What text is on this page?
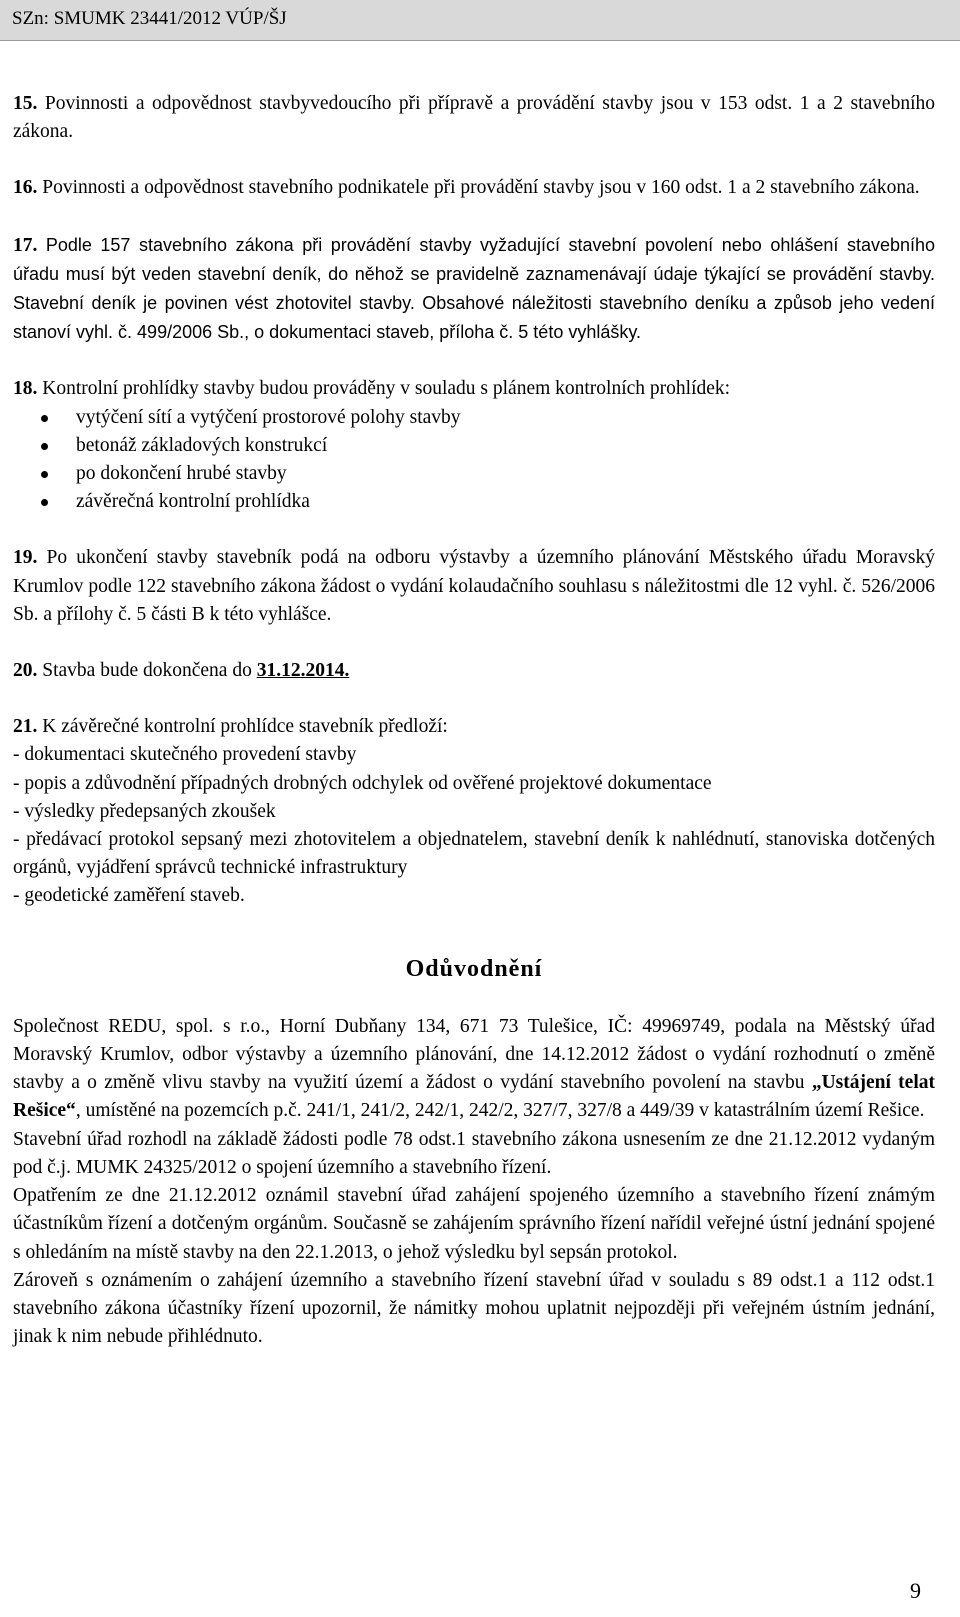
SZn: SMUMK 23441/2012 VÚP/ŠJ

15. Povinnosti a odpovědnost stavbyvedoucího při přípravě a provádění stavby jsou v 153 odst. 1 a 2 stavebního zákona.

16. Povinnosti a odpovědnost stavebního podnikatele při provádění stavby jsou v 160 odst. 1 a 2 stavebního zákona.

17. Podle 157 stavebního zákona při provádění stavby vyžadující stavební povolení nebo ohlášení stavebního úřadu musí být veden stavební deník, do něhož se pravidelně zaznamenávají údaje týkající se provádění stavby. Stavební deník je povinen vést zhotovitel stavby. Obsahové náležitosti stavebního deníku a způsob jeho vedení stanoví vyhl. č. 499/2006 Sb., o dokumentaci staveb, příloha č. 5 této vyhlášky.

18. Kontrolní prohlídky stavby budou prováděny v souladu s plánem kontrolních prohlídek:

vytýčení sítí a vytýčení prostorové polohy stavby
betonáž základových konstrukcí
po dokončení hrubé stavby
závěrečná kontrolní prohlídka

19. Po ukončení stavby stavebník podá na odboru výstavby a územního plánování Městského úřadu Moravský Krumlov podle 122 stavebního zákona žádost o vydání kolaudačního souhlasu s náležitostmi dle 12 vyhl. č. 526/2006 Sb. a přílohy č. 5 části B k této vyhlášce.

20. Stavba bude dokončena do 31.12.2014.

21. K závěrečné kontrolní prohlídce stavebník předloží:

- dokumentaci skutečného provedení stavby

- popis a zdůvodnění případných drobných odchylek od ověřené projektové dokumentace

- výsledky předepsaných zkoušek

- předávací protokol sepsaný mezi zhotovitelem a objednatelem, stavební deník k nahlédnutí, stanoviska dotčených orgánů, vyjádření správců technické infrastruktury

- geodetické zaměření staveb.

Odůvodnění

Společnost REDU, spol. s r.o., Horní Dubňany 134, 671 73 Tulešice, IČ: 49969749, podala na Městský úřad Moravský Krumlov, odbor výstavby a územního plánování, dne 14.12.2012 žádost o vydání rozhodnutí o změně stavby a o změně vlivu stavby na využití území a žádost o vydání stavebního povolení na stavbu „Ustájení telat Rešice“, umístěné na pozemcích p.č. 241/1, 241/2, 242/1, 242/2, 327/7, 327/8 a 449/39 v katastrálním území Rešice.

Stavební úřad rozhodl na základě žádosti podle 78 odst.1 stavebního zákona usnesením ze dne 21.12.2012 vydaným pod č.j. MUMK 24325/2012 o spojení územního a stavebního řízení.

Opatřením ze dne 21.12.2012 oznámil stavební úřad zahájení spojeného územního a stavebního řízení známým účastníkům řízení a dotčeným orgánům. Současně se zahájením správního řízení nařídil veřejné ústní jednání spojené s ohledáním na místě stavby na den 22.1.2013, o jehož výsledku byl sepsán protokol.

Zároveň s oznámením o zahájení územního a stavebního řízení stavební úřad v souladu s 89 odst.1 a 112 odst.1 stavebního zákona účastníky řízení upozornil, že námitky mohou uplatnit nejpozději při veřejném ústním jednání, jinak k nim nebude přihlédnuto.

9
